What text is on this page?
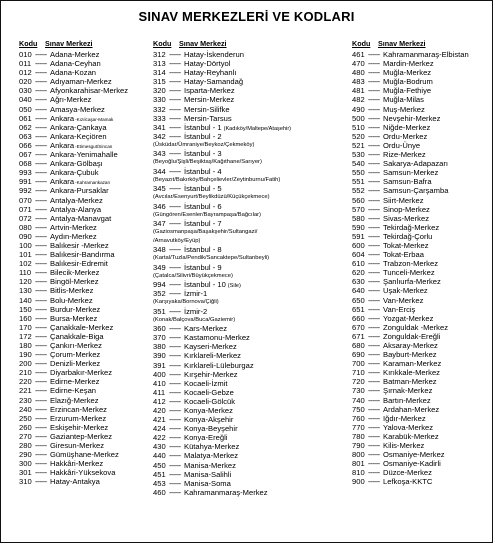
SINAV MERKEZLERİ VE KODLARI
Kodu	Sınav Merkezi
010 ------ Adana-Merkez
011 ------ Adana-Ceyhan
012 ------ Adana-Kozan
020 ------ Adıyaman-Merkez
030 ------ Afyonkarahisar-Merkez
040 ------ Ağrı-Merkez
050 ------ Amasya-Merkez
061 ------ Ankara -Kızılcaşar-Mamak
062 ------ Ankara-Çankaya
063 ------ Ankara-Keçiören
066 ------ Ankara -Etimesgut/Sincan
067 ------ Ankara-Yenimahalle
068 ------ Ankara-Gölbaşı
993 ------ Ankara-Çubuk
991 ------ Ankara -Kahramankazan
992 ------ Ankara-Pursaklar
070 ------ Antalya-Merkez
071 ------ Antalya-Alanya
072 ------ Antalya-Manavgat
080 ------ Artvin-Merkez
090 ------ Aydın-Merkez
100 ------ Balıkesir -Merkez
101 ------ Balıkesir-Bandırma
102 ------ Balıkesir-Edremit
110 ------ Bilecik-Merkez
120 ------ Bingöl-Merkez
130 ------ Bitlis-Merkez
140 ------ Bolu-Merkez
150 ------ Burdur-Merkez
160 ------ Bursa-Merkez
170 ------ Çanakkale-Merkez
172 ------ Çanakkale-Biga
180 ------ Çankırı-Merkez
190 ------ Çorum-Merkez
200 ------ Denizli-Merkez
210 ------ Diyarbakır-Merkez
220 ------ Edirne-Merkez
221 ------ Edirne-Keşan
230 ------ Elazığ-Merkez
240 ------ Erzincan-Merkez
250 ------ Erzurum-Merkez
260 ------ Eskişehir-Merkez
270 ------ Gaziantep-Merkez
280 ------ Giresun-Merkez
290 ------ Gümüşhane-Merkez
300 ------ Hakkâri-Merkez
301 ------ Hakkâri-Yüksekova
310 ------ Hatay-Antakya
Kodu	Sınav Merkezi
312 ------ Hatay-İskenderun
313 ------ Hatay-Dörtyol
314 ------ Hatay-Reyhanlı
315 ------ Hatay-Samandağ
320 ------ Isparta-Merkez
330 ------ Mersin-Merkez
332 ------ Mersin-Silifke
333 ------ Mersin-Tarsus
341 ------ İstanbul - 1 (Kadıköy/Maltepe/Ataşehir)
342 ------ İstanbul - 2
(Üsküdar/Ümraniye/Beykoz/Çekmeköy)
343 ------ İstanbul - 3
(Beyoğlu/Şişli/Beşiktaş/Kağıthane/Sarıyer)
344 ------ İstanbul - 4
(Beyazıt/Bakırköy/Bahçelievler/Zeytinburnu/Fatih)
345 ------ İstanbul - 5
(Avcılar/Esenyurt/Beylikdüzü/Küçükçekmece)
346 ------ İstanbul - 6
(Güngören/Esenler/Bayrampaşa/Bağcılar)
347 ------ İstanbul - 7
(Gaziosmanpaşa/Başakşehir/Sultangazi/
/Arnavutköy/Eyüp)
348 ------ İstanbul - 8
(Kartal/Tuzla/Pendik/Sancaktepe/Sultanbeyli)
349 ------ İstanbul - 9
(Çatalca/Silivri/Büyükçekmece)
994 ------ İstanbul - 10 (Sile)
352 ------ İzmir-1
(Karşıyaka/Bornova/Çiğli)
351 ------ İzmir-2
(Konak/Balçova/Buca/Gaziemir)
360 ------ Kars-Merkez
370 ------ Kastamonu-Merkez
380 ------ Kayseri-Merkez
390 ------ Kırklareli-Merkez
391 ------ Kırklareli-Lüleburgaz
400 ------ Kırşehir-Merkez
410 ------ Kocaeli-İzmit
411 ------ Kocaeli-Gebze
412 ------ Kocaeli-Gölcük
420 ------ Konya-Merkez
421 ------ Konya-Akşehir
424 ------ Konya-Beyşehir
422 ------ Konya-Ereğli
430 ------ Kütahya-Merkez
440 ------ Malatya-Merkez
450 ------ Manisa-Merkez
451 ------ Manisa-Salihli
453 ------ Manisa-Soma
460 ------ Kahramanmaraş-Merkez
Kodu	Sınav Merkezi
461 ------ Kahramanmaraş-Elbistan
470 ------ Mardin-Merkez
480 ------ Muğla-Merkez
483 ------ Muğla-Bodrum
481 ------ Muğla-Fethiye
482 ------ Muğla-Milas
490 ------ Muş-Merkez
500 ------ Nevşehir-Merkez
510 ------ Niğde-Merkez
520 ------ Ordu-Merkez
521 ------ Ordu-Ünye
530 ------ Rize-Merkez
540 ------ Sakarya-Adapazarı
550 ------ Samsun-Merkez
551 ------ Samsun-Bafra
552 ------ Samsun-Çarşamba
560 ------ Siirt-Merkez
570 ------ Sinop-Merkez
580 ------ Sivas-Merkez
590 ------ Tekirdağ-Merkez
591 ------ Tekirdağ-Çorlu
600 ------ Tokat-Merkez
604 ------ Tokat-Erbaa
610 ------ Trabzon-Merkez
620 ------ Tunceli-Merkez
630 ------ Şanlıurfa-Merkez
640 ------ Uşak-Merkez
650 ------ Van-Merkez
651 ------ Van-Erciş
660 ------ Yozgat-Merkez
670 ------ Zonguldak -Merkez
671 ------ Zonguldak-Ereğli
680 ------ Aksaray-Merkez
690 ------ Bayburt-Merkez
700 ------ Karaman-Merkez
710 ------ Kırıkkale-Merkez
720 ------ Batman-Merkez
730 ------ Şırnak-Merkez
740 ------ Bartın-Merkez
750 ------ Ardahan-Merkez
760 ------ Iğdır-Merkez
770 ------ Yalova-Merkez
780 ------ Karabük-Merkez
790 ------ Kilis-Merkez
800 ------ Osmaniye-Merkez
801 ------ Osmaniye-Kadirli
810 ------ Düzce-Merkez
900 ------ Lefkoşa-KKTC
